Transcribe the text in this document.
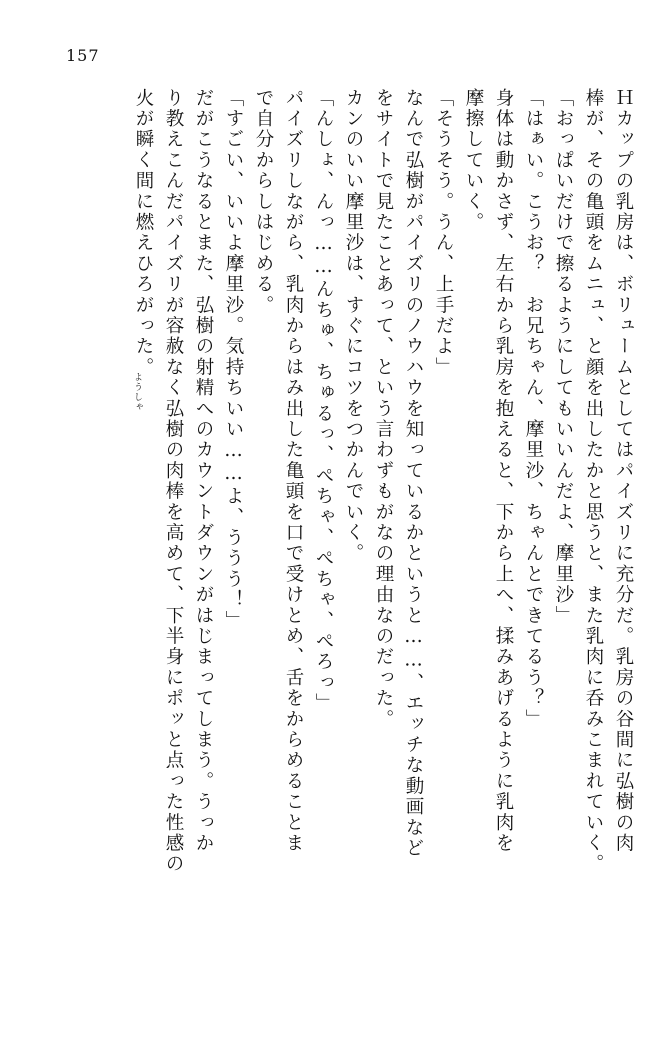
157
Ｈカップの乳房は、ボリュームとしてはパイズリに充分だ。乳房の谷間に弘樹の肉
棒が、その亀頭をムニュ、と顔を出したかと思うと、また乳肉に呑みこまれていく。
「おっぱいだけで擦るようにしてもいいんだよ、摩里沙」
「はぁい。こうお？　お兄ちゃん、摩里沙、ちゃんとできてるう？」
身体は動かさず、左右から乳房を抱えると、下から上へ、揉みあげるように乳肉を
摩擦していく。
「そうそう。うん、上手だよ」
なんで弘樹がパイズリのノウハウを知っているかというと……、エッチな動画など
をサイトで見たことあって、という言わずもがなの理由なのだった。
カンのいい摩里沙は、すぐにコツをつかんでいく。
「んしょ、んっ……んちゅ、ちゅるっ、ぺちゃ、ぺちゃ、ぺろっ」
パイズリしながら、乳肉からはみ出した亀頭を口で受けとめ、舌をからめることま
で自分からしはじめる。
「すごい、いいよ摩里沙。気持ちいい……よ、ううう！」
だがこうなるとまた、弘樹の射精へのカウントダウンがはじまってしまう。うっか
り教えこんだパイズリが容赦なく弘樹の肉棒を高めて、下半身にポッと点った性感の
火が瞬く間に燃えひろがった。
ようしゃ
